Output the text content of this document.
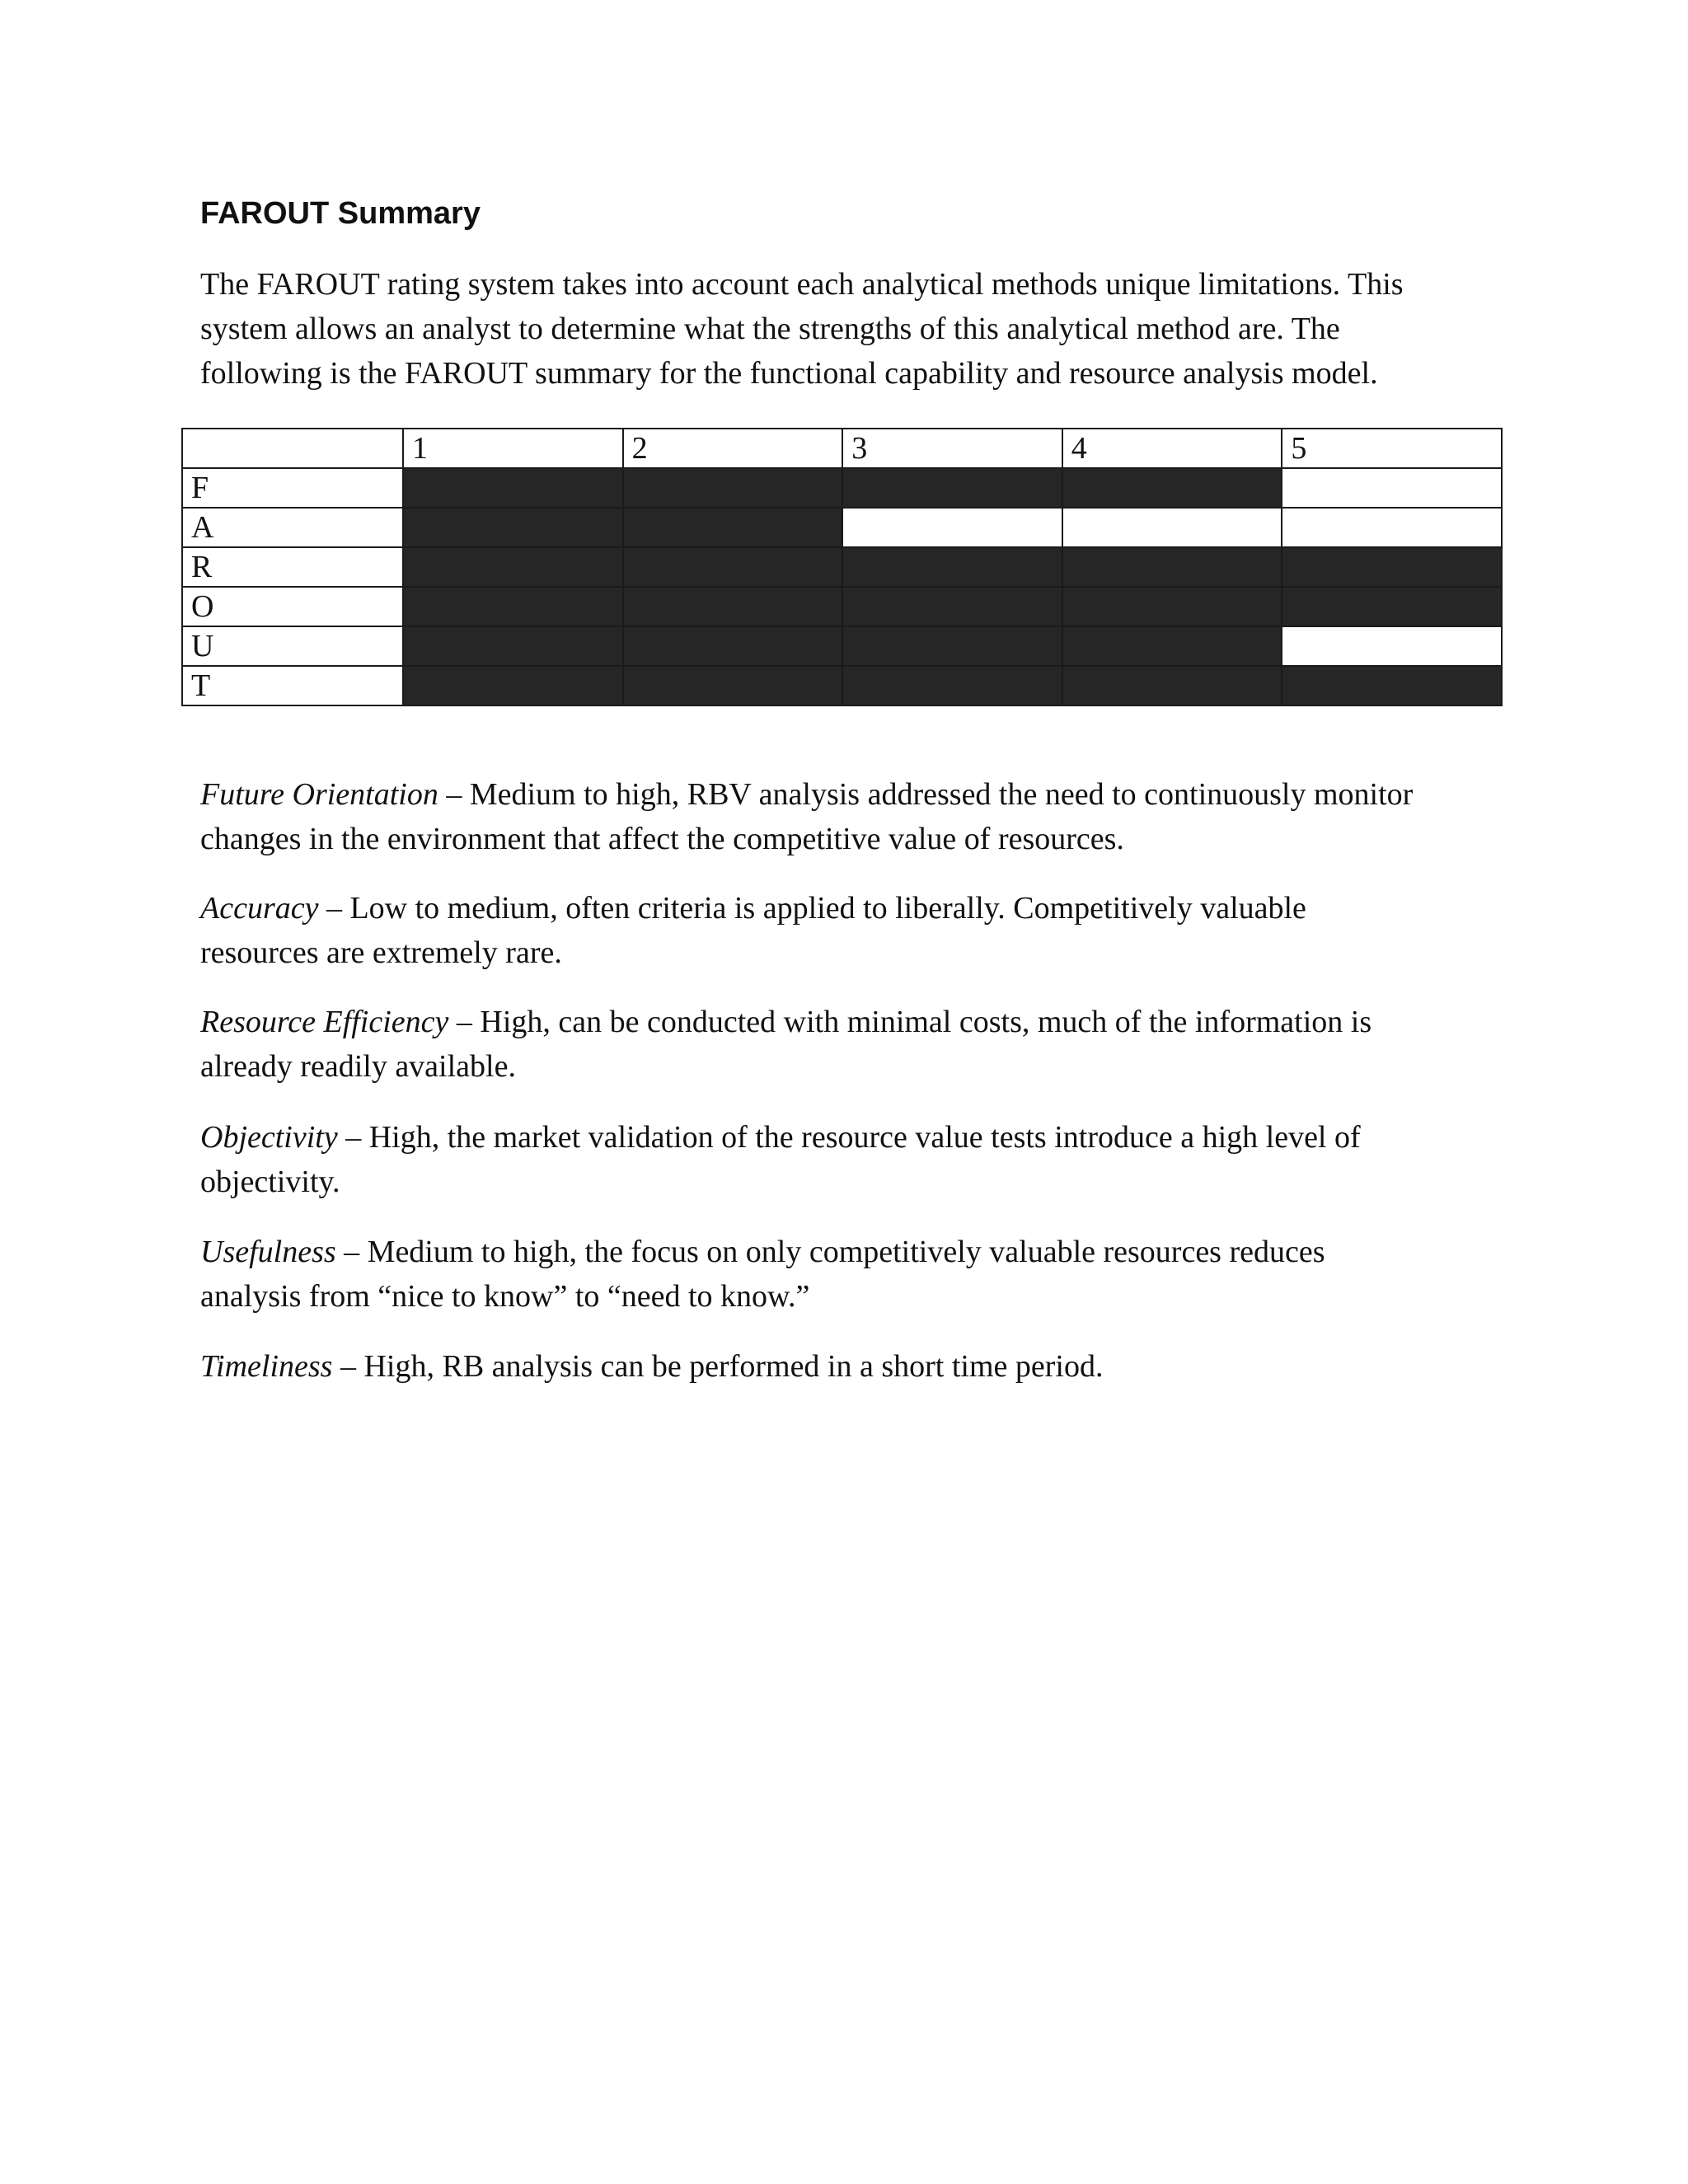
FAROUT Summary

The FAROUT rating system takes into account each analytical methods unique limitations. This
system allows an analyst to determine what the strengths of this analytical method are. The
following is the FAROUT summary for the functional capability and resource analysis model.

	1	2	3	4	5
F					
A					
R					
O					
U					
T					

Future Orientation – Medium to high, RBV analysis addressed the need to continuously monitor
changes in the environment that affect the competitive value of resources.

Accuracy – Low to medium, often criteria is applied to liberally. Competitively valuable
resources are extremely rare.

Resource Efficiency – High, can be conducted with minimal costs, much of the information is
already readily available.

Objectivity – High, the market validation of the resource value tests introduce a high level of
objectivity.

Usefulness – Medium to high, the focus on only competitively valuable resources reduces
analysis from “nice to know” to “need to know.”

Timeliness – High, RB analysis can be performed in a short time period.
